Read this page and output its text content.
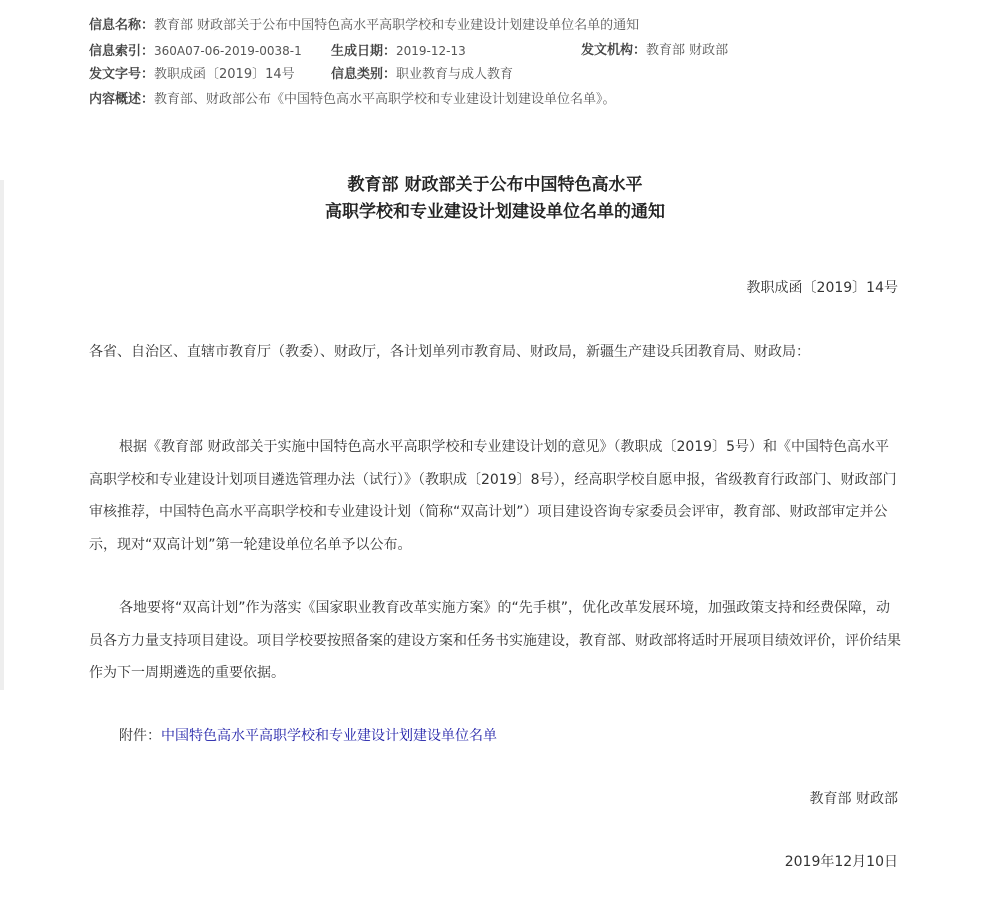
信息名称：教育部 财政部关于公布中国特色高水平高职学校和专业建设计划建设单位名单的通知
信息索引：360A07-06-2019-0038-1 生成日期：2019-12-13	发文机构：教育部 财政部
发文字号：教职成函〔2019〕14号	信息类别：职业教育与成人教育
内容概述：教育部、财政部公布《中国特色高水平高职学校和专业建设计划建设单位名单》。
教育部 财政部关于公布中国特色高水平
高职学校和专业建设计划建设单位名单的通知
教职成函〔2019〕14号

各省、自治区、直辖市教育厅（教委）、财政厅，各计划单列市教育局、财政局，新疆生产建设兵团教育局、财政局：

根据《教育部 财政部关于实施中国特色高水平高职学校和专业建设计划的意见》（教职成〔2019〕5号）和《中国特色高水平高职学校和专业建设计划项目遴选管理办法（试行）》（教职成〔2019〕8号），经高职学校自愿申报，省级教育行政部门、财政部门审核推荐，中国特色高水平高职学校和专业建设计划（简称“双高计划”）项目建设咨询专家委员会评审，教育部、财政部审定并公示，现对“双高计划”第一轮建设单位名单予以公布。

各地要将“双高计划”作为落实《国家职业教育改革实施方案》的“先手棋”，优化改革发展环境，加强政策支持和经费保障，动员各方力量支持项目建设。项目学校要按照备案的建设方案和任务书实施建设，教育部、财政部将适时开展项目绩效评价，评价结果作为下一周期遴选的重要依据。

附件：中国特色高水平高职学校和专业建设计划建设单位名单
教育部 财政部
2019年12月10日
